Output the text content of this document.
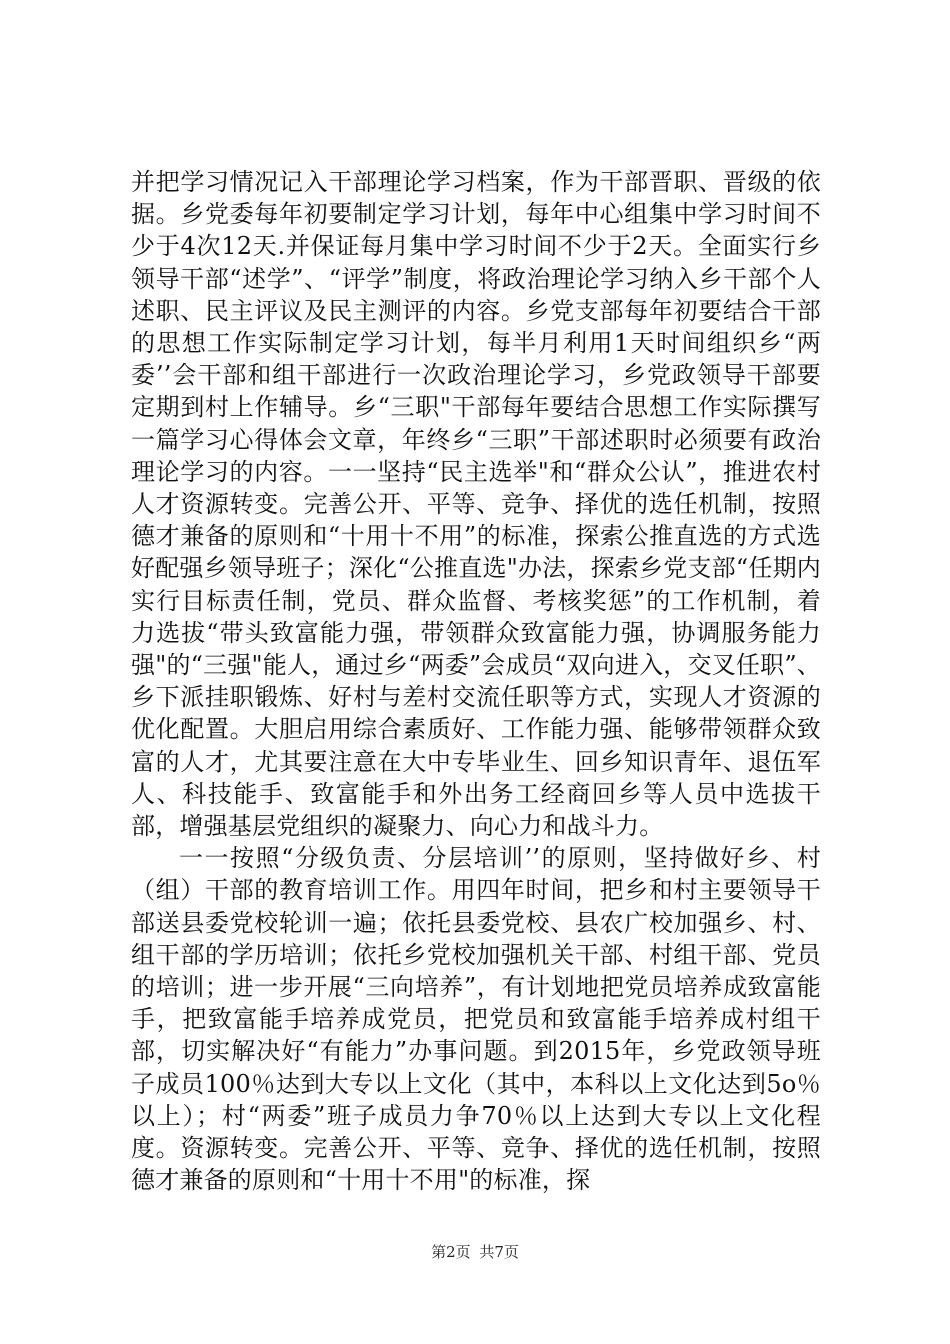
并把学习情况记入干部理论学习档案，作为干部晋职、晋级的依据。乡党委每年初要制定学习计划，每年中心组集中学习时间不少于4次12天.并保证每月集中学习时间不少于2天。全面实行乡领导干部“述学”、“评学”制度，将政治理论学习纳入乡干部个人述职、民主评议及民主测评的内容。乡党支部每年初要结合干部的思想工作实际制定学习计划，每半月利用1天时间组织乡“两委’’会干部和组干部进行一次政治理论学习，乡党政领导干部要定期到村上作辅导。乡“三职"干部每年要结合思想工作实际撰写一篇学习心得体会文章，年终乡“三职”干部述职时必须要有政治理论学习的内容。一一坚持“民主选举"和“群众公认”，推进农村人才资源转变。完善公开、平等、竞争、择优的选任机制，按照德才兼备的原则和“十用十不用”的标准，探索公推直选的方式选好配强乡领导班子；深化“公推直选"办法，探索乡党支部“任期内实行目标责任制，党员、群众监督、考核奖惩”的工作机制，着力选拔“带头致富能力强，带领群众致富能力强，协调服务能力强"的“三强"能人，通过乡“两委”会成员“双向进入，交叉任职”、乡下派挂职锻炼、好村与差村交流任职等方式，实现人才资源的优化配置。大胆启用综合素质好、工作能力强、能够带领群众致富的人才，尤其要注意在大中专毕业生、回乡知识青年、退伍军人、科技能手、致富能手和外出务工经商回乡等人员中选拔干部，增强基层党组织的凝聚力、向心力和战斗力。

一一按照“分级负责、分层培训’’的原则，坚持做好乡、村（组）干部的教育培训工作。用四年时间，把乡和村主要领导干部送县委党校轮训一遍；依托县委党校、县农广校加强乡、村、组干部的学历培训；依托乡党校加强机关干部、村组干部、党员的培训；进一步开展“三向培养”，有计划地把党员培养成致富能手，把致富能手培养成党员，把党员和致富能手培养成村组干部，切实解决好“有能力”办事问题。到2015年，乡党政领导班子成员100％达到大专以上文化（其中，本科以上文化达到5o％以上）；村“两委”班子成员力争70％以上达到大专以上文化程度。资源转变。完善公开、平等、竞争、择优的选任机制，按照德才兼备的原则和“十用十不用"的标准，探

第2页 共7页
